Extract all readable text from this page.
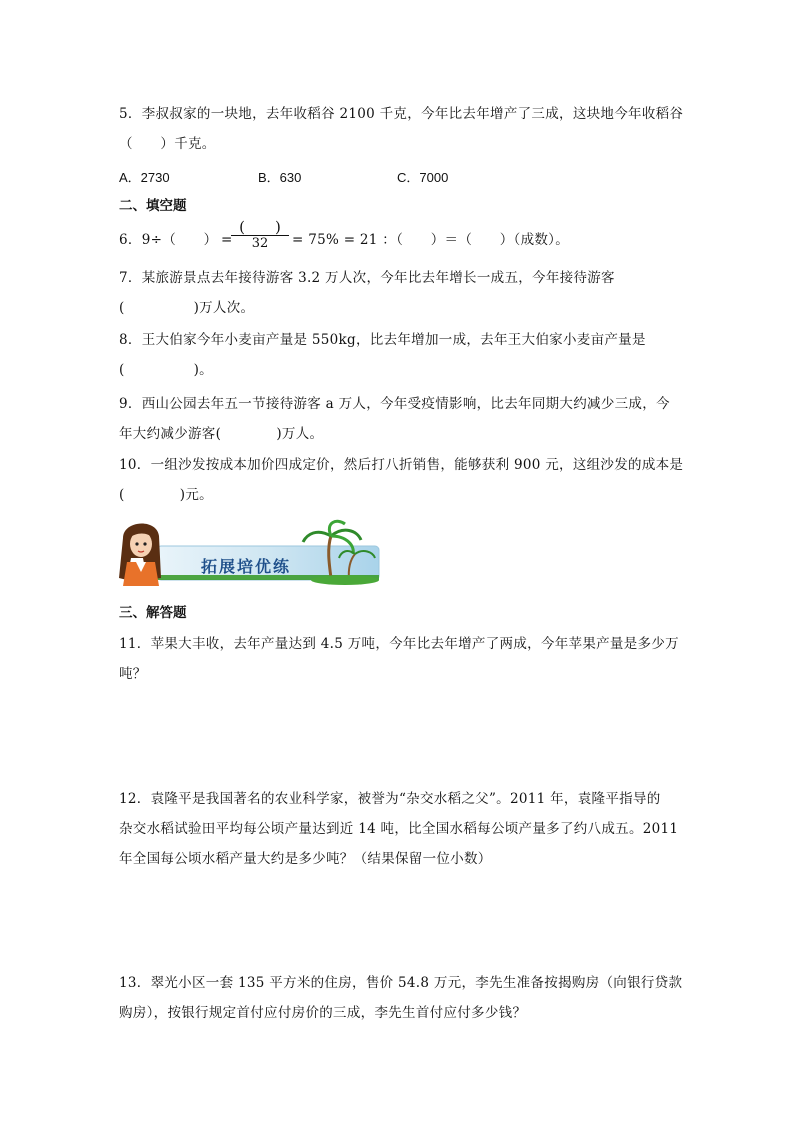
5．李叔叔家的一块地，去年收稻谷 2100 千克，今年比去年增产了三成，这块地今年收稻谷
（　　）千克。
A．2730	B．630	C．7000
二、填空题
6．9÷（　　） =
(　　)
32	= 75% = 21 ：（　　）＝（　　）（成数）。
7．某旅游景点去年接待游客 3.2 万人次，今年比去年增长一成五，今年接待游客
(　　　　　)万人次。
8．王大伯家今年小麦亩产量是 550kg，比去年增加一成，去年王大伯家小麦亩产量是
(　　　　　)。
9．西山公园去年五一节接待游客 a 万人，今年受疫情影响，比去年同期大约减少三成，今
年大约减少游客(　　　　)万人。
10．一组沙发按成本加价四成定价，然后打八折销售，能够获利 900 元，这组沙发的成本是
(　　　　)元。
拓展培优练
三、解答题
11．苹果大丰收，去年产量达到 4.5 万吨，今年比去年增产了两成，今年苹果产量是多少万
吨？
12．袁隆平是我国著名的农业科学家，被誉为“杂交水稻之父”。2011 年，袁隆平指导的
杂交水稻试验田平均每公顷产量达到近 14 吨，比全国水稻每公顷产量多了约八成五。2011
年全国每公顷水稻产量大约是多少吨？（结果保留一位小数）
13．翠光小区一套 135 平方米的住房，售价 54.8 万元，李先生准备按揭购房（向银行贷款
购房），按银行规定首付应付房价的三成，李先生首付应付多少钱？
